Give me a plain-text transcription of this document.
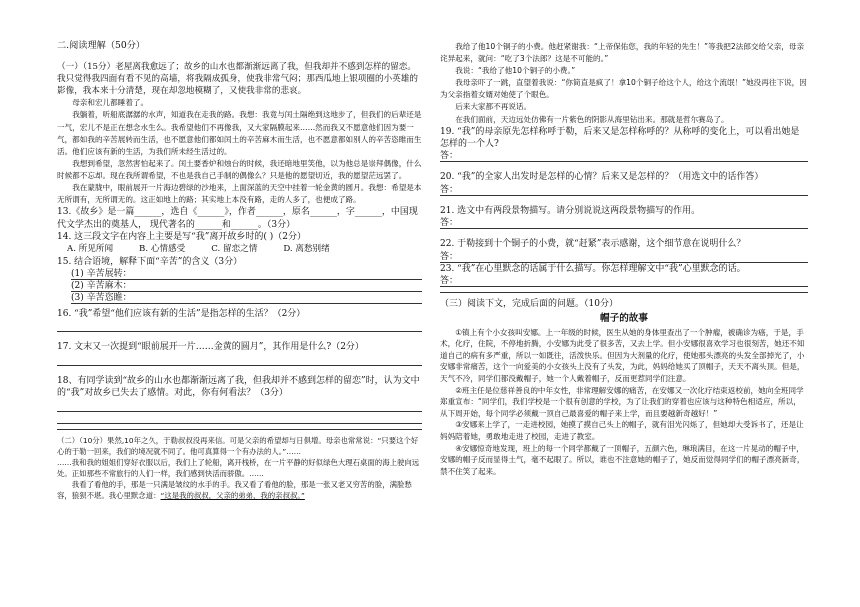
二.阅读理解（50分）

（一）（15分）老屋离我愈远了；故乡的山水也都渐渐远离了我，但我却并不感到怎样的留恋。我只觉得我四面有看不见的高墙，将我隔成孤身，使我非常气闷；那西瓜地上银项圈的小英雄的影像，我本来十分清楚，现在却忽地模糊了，又使我非常的悲哀。

母亲和宏儿都睡着了。

我躺着，听船底潺潺的水声，知道我在走我的路。我想：我竟与闰土隔绝到这地步了，但我们的后辈还是一气，宏儿不是正在想念水生么。我希望他们不再像我，又大家隔膜起来……然而我又不愿意他们因为要一气，都如我的辛苦展转而生活，也不愿意他们都如闰土的辛苦麻木而生活，也不愿意都如别人的辛苦恣睢而生活。他们应该有新的生活，为我们所未经生活过的。

我想到希望，忽然害怕起来了。闰土要香炉和烛台的时候，我还暗地里笑他，以为他总是崇拜偶像，什么时候都不忘却。现在我所谓希望，不也是我自己手制的偶像么？只是他的愿望切近，我的愿望茫远罢了。

我在蒙胧中，眼前展开一片海边碧绿的沙地来，上面深蓝的天空中挂着一轮金黄的圆月。我想：希望是本无所谓有，无所谓无的。这正如地上的路；其实地上本没有路，走的人多了，也便成了路。

13.《故乡》是一篇______，选自《______》，作者______，原名______，字______，中国现代文学杰出的奠基人， 现代著名的______和______。（3分）

14. 这三段文字在内容上主要是写“我”离开故乡时的( )（2分）

A. 所见所闻	B. 心情感受	C. 留恋之情	D. 离愁别绪

15. 结合语境，解释下面“辛苦”的含义（3分）

(1) 辛苦展转：
(2) 辛苦麻木：
(3) 辛苦恣睢：

16. “我”希望“他们应该有新的生活”是指怎样的生活？（2分）

17. 文末又一次提到“眼前展开一片……金黄的圆月”，其作用是什么?（2分）

18、有同学读到“故乡的山水也都渐渐远离了我，但我却并不感到怎样的留恋”时，认为文中的“我”对故乡已失去了感情。对此，你有何看法？（3分）

（二）（10分）果然,10年之久，于勒叔叔没再来信。可是父亲的希望却与日俱增。母亲也常常说：“只要这个好心的于勒一回来，我们的境况就不同了。他可真算得一个有办法的人。”……

……我和我的姐姐们穿好衣服以后，我们上了轮船，离开栈桥，在一片平静的好似绿色大理石桌面的海上驶向远处。正如那些不常旅行的人们一样，我们感到快活而骄傲。……

我看了看他的手，那是一只满是皱纹的水手的手。我又看了看他的脸，那是一张又老又穷苦的脸，满脸愁容，狼狈不堪。我心里默念道：“这是我的叔叔，父亲的弟弟，我的亲叔叔。”

我给了他10个铜子的小费。他赶紧谢我：“上帝保佑您，我的年轻的先生！”等我把2法郎交给父亲，母亲诧异起来，就问：“吃了3个法郎？这是不可能的。”

我说：“我给了他10个铜子的小费。”

我母亲吓了一跳，直望着我说：“你简直是疯了！拿10个铜子给这个人，给这个流氓！”她没再往下说，因为父亲指着女婿对她使了个眼色。

后来大家都不再说话。

在我们面前，天边远处仿佛有一片紫色的阴影从海里钻出来。那就是哲尔赛岛了。

19. “我”的母亲原先怎样称呼于勒，后来又是怎样称呼的？从称呼的变化上，可以看出她是怎样的一个人?

答：

20. “我”的全家人出发时是怎样的心情？后来又是怎样的？（用选文中的话作答）

答：

21. 选文中有两段景物描写。请分别说说这两段景物描写的作用。

答：

22. 于勒接到十个铜子的小费，就“赶紧”表示感谢，这个细节意在说明什么？

答：

23. “我”在心里默念的话属于什么描写。你怎样理解文中“我”心里默念的话。

答：

（三）阅读下文，完成后面的问题。（10分）

帽子的故事

①镇上有个小女孩叫安娜。上一年级的时候，医生从她的身体里查出了一个肿瘤，被确诊为癌，于是，手术，化疗，住院，不停地折腾，小安娜为此受了很多苦，又去上学。但小安娜很喜欢学习也很刻苦，她还不知道自己的病有多严重，所以一如既往，活泼快乐。但因为大剂量的化疗，使她那头漂亮的头发全部掉光了，小安娜非常痛苦，这个一向爱美的小女孩头上没有了头发，为此，妈妈给她买了顶帽子，天天不离头顶。但是，天气不冷，同学们都没戴帽子，她一个人戴着帽子，反而更惹同学们注意。

②班主任是位慈祥善良的中年女性，非常理解安娜的痛苦，在安娜又一次化疗结束返校前，她向全班同学郑重宣布：“同学们，我们学校是一个很有创意的学校，为了让我们的穿着也应该与这种特色相适应，所以，从下周开始，每个同学必须戴一顶自己最喜爱的帽子来上学，而且要越新奇越好！”

③安娜来上学了，一走进校园，她摸了摸自己头上的帽子，就有泪光闪烁了，但她却大受诉书了，还是让妈妈陪着她，勇敢地走进了校园，走进了教室。

④安娜惊奇地发现，班上的每一个同学都戴了一顶帽子，五颜六色，琳琅满目，在这一片晃动的帽子中，安娜的帽子反而显得土气，毫不起眼了。所以，谁也不注意她的帽子了，她反而觉得同学们的帽子漂亮新奇，禁不住笑了起来。
